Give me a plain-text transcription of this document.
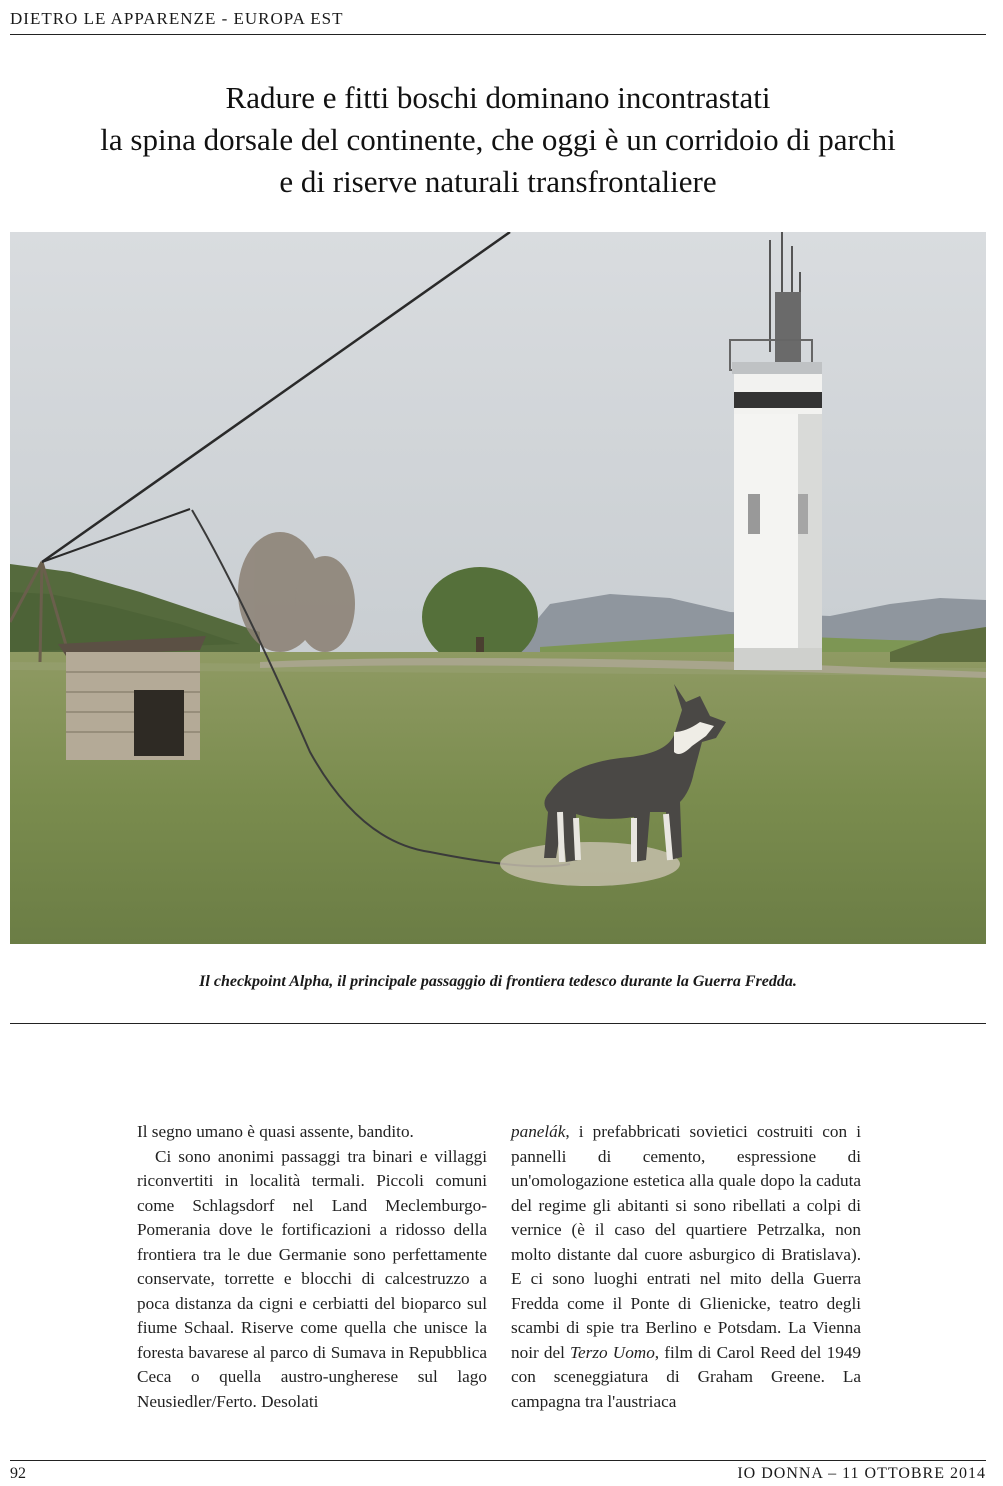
DIETRO LE APPARENZE - EUROPA EST
Radure e fitti boschi dominano incontrastati
la spina dorsale del continente, che oggi è un corridoio di parchi
e di riserve naturali transfrontaliere

Il checkpoint Alpha, il principale passaggio di frontiera tedesco durante la Guerra Fredda.

Il segno umano è quasi assente, bandito.

Ci sono anonimi passaggi tra binari e villaggi riconvertiti in località termali. Piccoli comuni come Schlagsdorf nel Land Meclemburgo-Pomerania dove le fortificazioni a ridosso della frontiera tra le due Germanie sono perfettamente conservate, torrette e blocchi di calcestruzzo a poca distanza da cigni e cerbiatti del bioparco sul fiume Schaal. Riserve come quella che unisce la foresta bavarese al parco di Sumava in Repubblica Ceca o quella austro-ungherese sul lago Neusiedler/Ferto. Desolati

panelák, i prefabbricati sovietici costruiti con i pannelli di cemento, espressione di un'omologazione estetica alla quale dopo la caduta del regime gli abitanti si sono ribellati a colpi di vernice (è il caso del quartiere Petrzalka, non molto distante dal cuore asburgico di Bratislava). E ci sono luoghi entrati nel mito della Guerra Fredda come il Ponte di Glienicke, teatro degli scambi di spie tra Berlino e Potsdam. La Vienna noir del Terzo Uomo, film di Carol Reed del 1949 con sceneggiatura di Graham Greene. La campagna tra l'austriaca

92	IO DONNA – 11 OTTOBRE 2014
